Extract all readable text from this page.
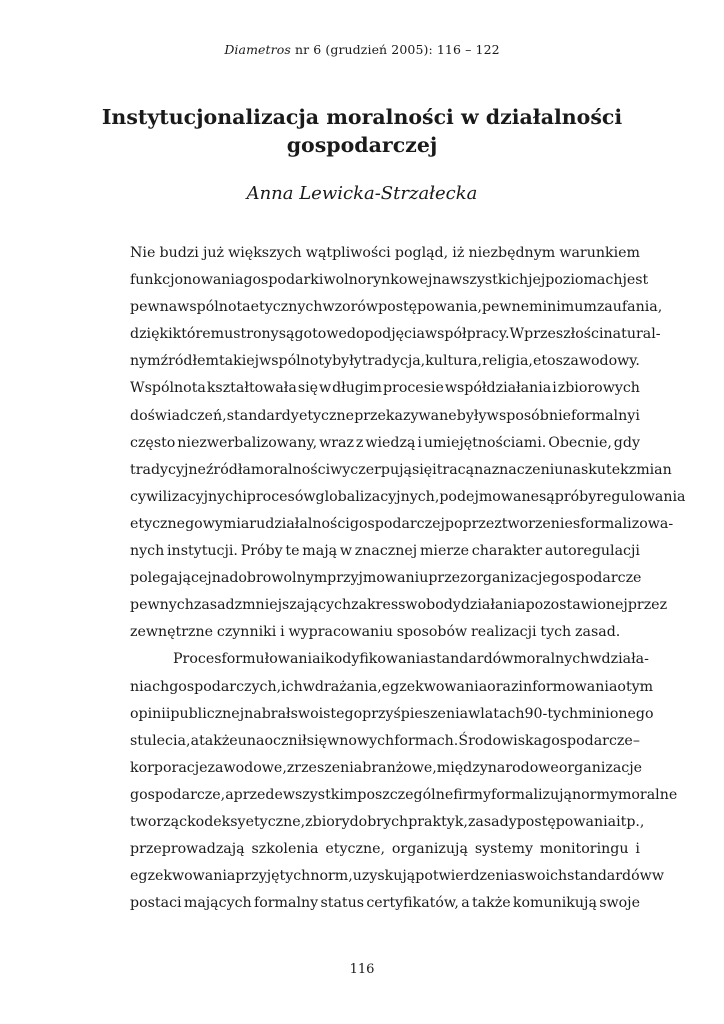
Diametros nr 6 (grudzień 2005): 116 – 122
Instytucjonalizacja moralności w działalności gospodarczej
Anna Lewicka-Strzałecka
Nie budzi już większych wątpliwości pogląd, iż niezbędnym warunkiem
funkcjonowania gospodarki wolnorynkowej na wszystkich jej poziomach jest
pewna wspólnota etycznych wzorów postępowania, pewne minimum zaufania,
dzięki któremu strony są gotowe do podjęcia współpracy. W przeszłości natural-
nym źródłem takiej wspólnoty były tradycja, kultura, religia, etos zawodowy.
Wspólnota kształtowała się w długim procesie współdziałania i zbiorowych
doświadczeń, standardy etyczne przekazywane były w sposób nieformalny i
często niezwerbalizowany, wraz z wiedzą i umiejętnościami. Obecnie, gdy
tradycyjne źródła moralności wyczerpują się i tracą na znaczeniu na skutek zmian
cywilizacyjnych i procesów globalizacyjnych, podejmowane są próby regulowania
etycznego wymiaru działalności gospodarczej poprzez tworzenie sformalizowa-
nych instytucji. Próby te mają w znacznej mierze charakter autoregulacji
polegającej na dobrowolnym przyjmowaniu przez organizacje gospodarcze
pewnych zasad zmniejszających zakres swobody działania pozostawionej przez
zewnętrzne czynniki i wypracowaniu sposobów realizacji tych zasad.
Proces formułowania i kodyfikowania standardów moralnych w działa-
niach gospodarczych, ich wdrażania, egzekwowania oraz informowania o tym
opinii publicznej nabrał swoistego przyśpieszenia w latach 90-tych minionego
stulecia, a także unaocznił się w nowych formach. Środowiska gospodarcze –
korporacje zawodowe, zrzeszenia branżowe, międzynarodowe organizacje
gospodarcze, a przede wszystkim poszczególne firmy formalizują normy moralne
tworząc kodeksy etyczne, zbiory dobrych praktyk, zasady postępowania itp.,
przeprowadzają szkolenia etyczne, organizują systemy monitoringu i
egzekwowania przyjętych norm, uzyskują potwierdzenia swoich standardów w
postaci mających formalny status certyfikatów, a także komunikują swoje
116
